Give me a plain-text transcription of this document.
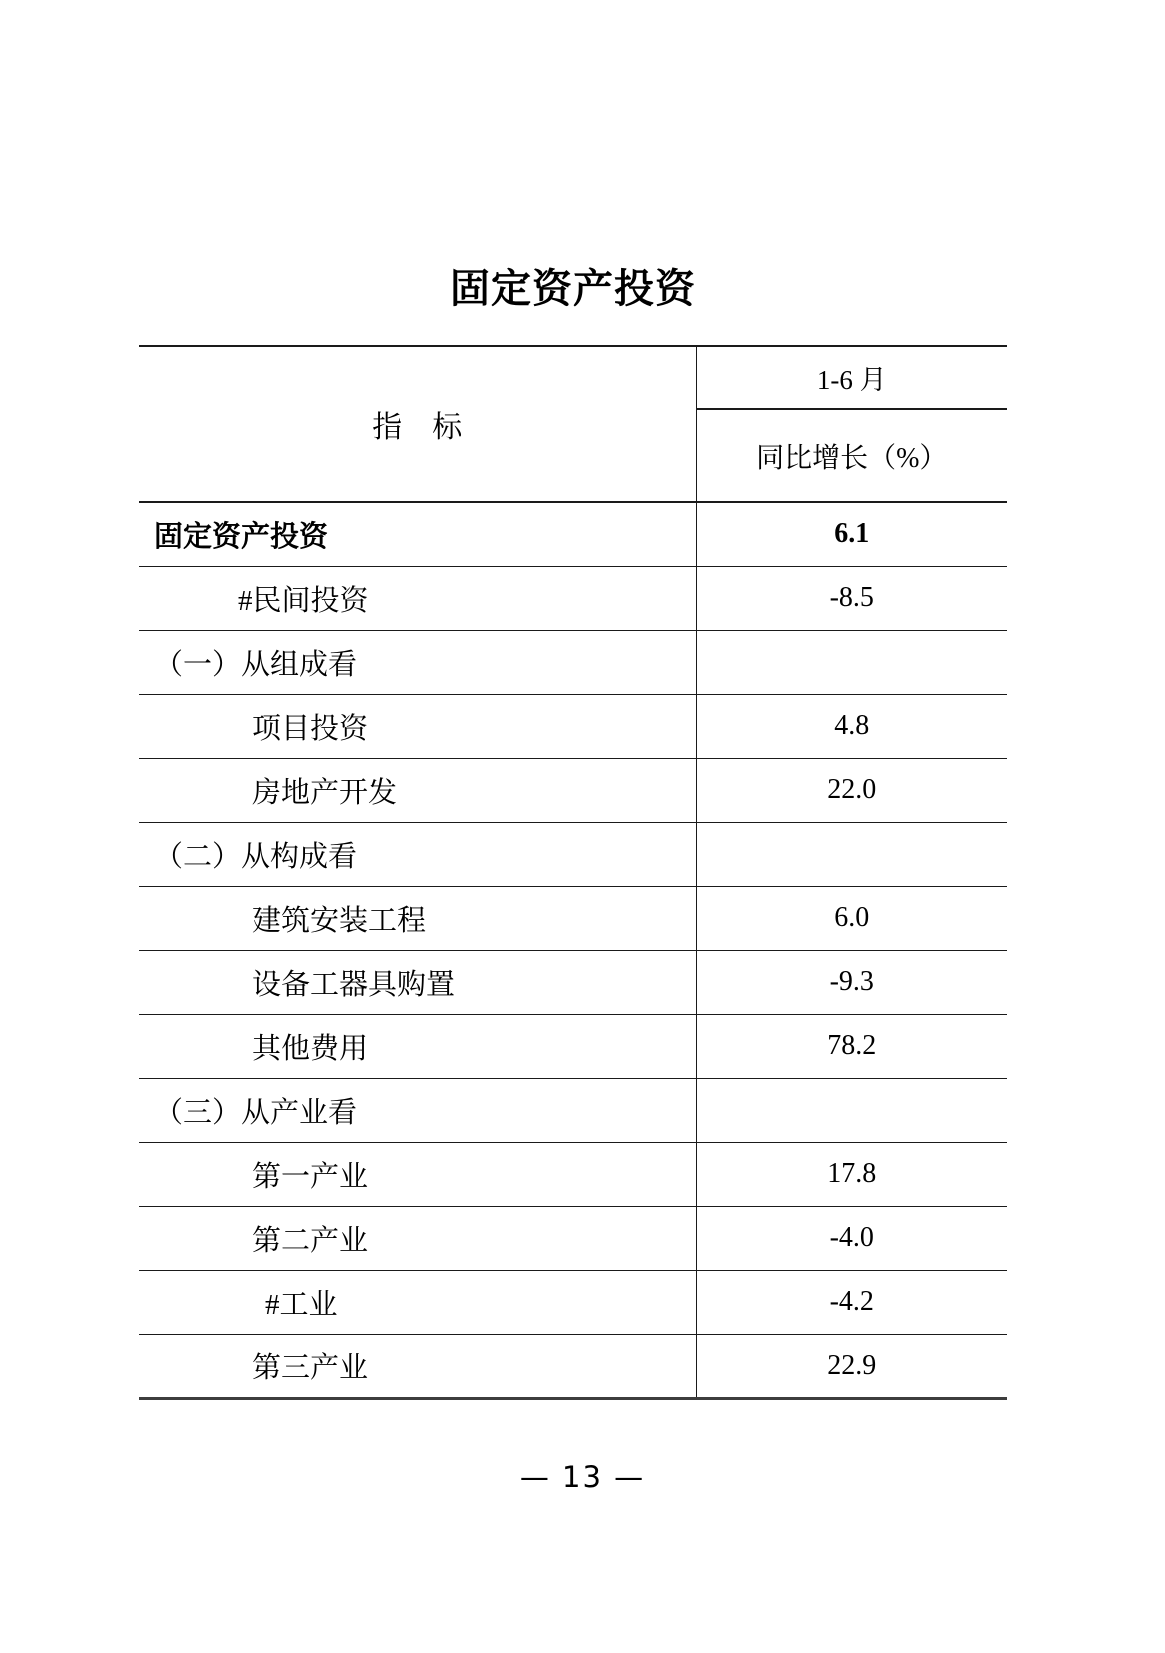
固定资产投资
指　标	1-6 月
	同比增长（%）
固定资产投资	6.1
#民间投资	-8.5
（一）从组成看	
项目投资	4.8
房地产开发	22.0
（二）从构成看	
建筑安装工程	6.0
设备工器具购置	-9.3
其他费用	78.2
（三）从产业看	
第一产业	17.8
第二产业	-4.0
#工业	-4.2
第三产业	22.9
— 13 —
